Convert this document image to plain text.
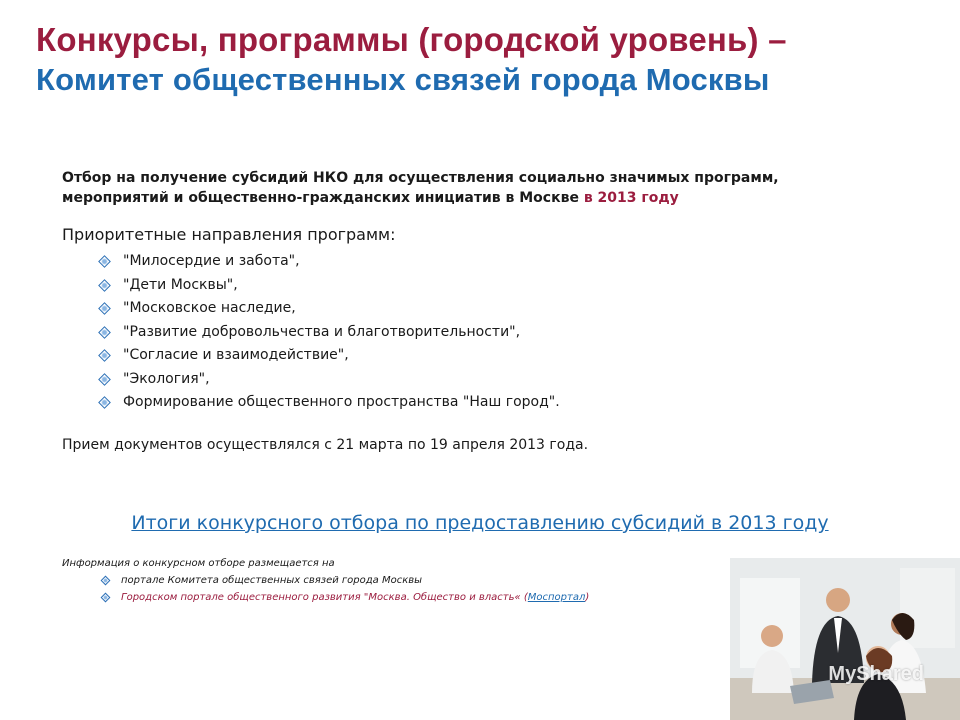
Конкурсы, программы (городской уровень) –
Комитет общественных связей города Москвы

Отбор на получение субсидий НКО для осуществления социально значимых программ, мероприятий и общественно-гражданских инициатив в Москве в 2013 году

Приоритетные направления программ:
"Милосердие и забота",
"Дети Москвы",
"Московское наследие,
"Развитие добровольчества и благотворительности",
"Согласие и взаимодействие",
"Экология",
Формирование общественного пространства "Наш город".

Прием документов осуществлялся с 21 марта по 19 апреля 2013 года.

Итоги конкурсного отбора по предоставлению субсидий в 2013 году

Информация о конкурсном отборе размещается на

портале Комитета общественных связей города Москвы
Городском портале общественного развития "Москва. Общество и власть« (Моспортал)
MyShared
